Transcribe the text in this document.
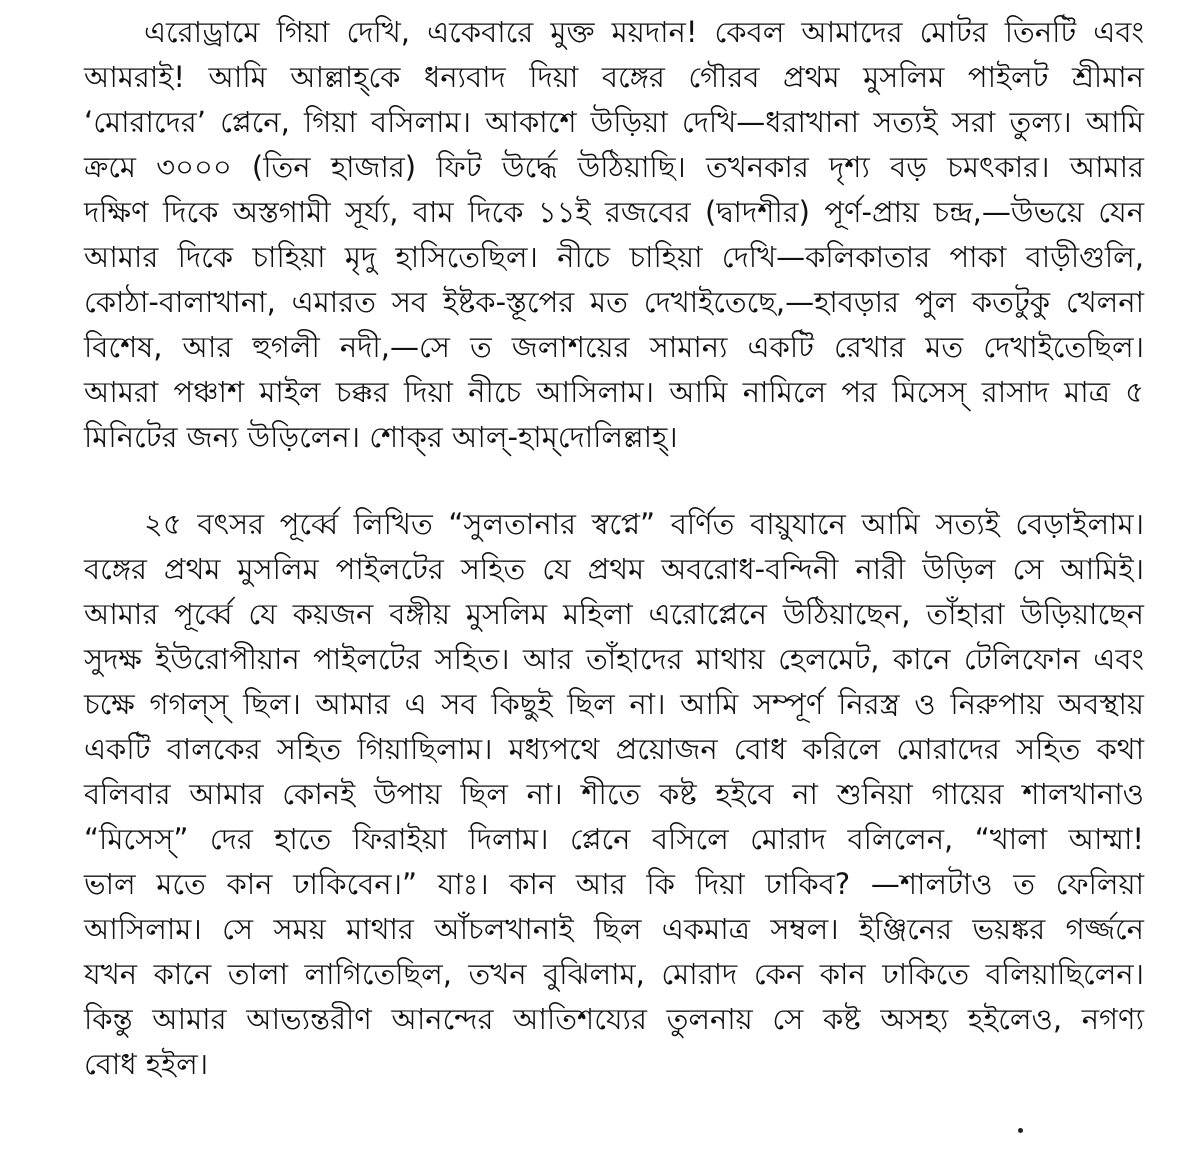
এরোড্রামে গিয়া দেখি, একেবারে মুক্ত ময়দান! কেবল আমাদের মোটর তিনটি এবং
আমরাই! আমি আল্লাহ্‌কে ধন্যবাদ দিয়া বঙ্গের গৌরব প্রথম মুসলিম পাইলট শ্রীমান
‘মোরাদের’ প্লেনে, গিয়া বসিলাম। আকাশে উড়িয়া দেখি—ধরাখানা সত্যই সরা তুল্য। আমি
ক্রমে ৩০০০ (তিন হাজার) ফিট উর্দ্ধে উঠিয়াছি। তখনকার দৃশ্য বড় চমৎকার। আমার
দক্ষিণ দিকে অস্তগামী সূর্য্য, বাম দিকে ১১ই রজবের (দ্বাদশীর) পূর্ণ-প্রায় চন্দ্র,—উভয়ে যেন
আমার দিকে চাহিয়া মৃদু হাসিতেছিল। নীচে চাহিয়া দেখি—কলিকাতার পাকা বাড়ীগুলি,
কোঠা-বালাখানা, এমারত সব ইষ্টক-স্তূপের মত দেখাইতেছে,—হাবড়ার পুল কতটুকু খেলনা
বিশেষ, আর হুগলী নদী,—সে ত জলাশয়ের সামান্য একটি রেখার মত দেখাইতেছিল।
আমরা পঞ্চাশ মাইল চক্কর দিয়া নীচে আসিলাম। আমি নামিলে পর মিসেস্ রাসাদ মাত্র ৫
মিনিটের জন্য উড়িলেন। শোক্‌র আল্-হাম্‌দোলিল্লাহ্‌।
২৫ বৎসর পূর্ব্বে লিখিত “সুলতানার স্বপ্নে” বর্ণিত বায়ুযানে আমি সত্যই বেড়াইলাম।
বঙ্গের প্রথম মুসলিম পাইলটের সহিত যে প্রথম অবরোধ-বন্দিনী নারী উড়িল সে আমিই।
আমার পূর্ব্বে যে কয়জন বঙ্গীয় মুসলিম মহিলা এরোপ্লেনে উঠিয়াছেন, তাঁহারা উড়িয়াছেন
সুদক্ষ ইউরোপীয়ান পাইলটের সহিত। আর তাঁহাদের মাথায় হেলমেট, কানে টেলিফোন এবং
চক্ষে গগল্‌স্ ছিল। আমার এ সব কিছুই ছিল না। আমি সম্পূর্ণ নিরস্ত্র ও নিরুপায় অবস্থায়
একটি বালকের সহিত গিয়াছিলাম। মধ্যপথে প্রয়োজন বোধ করিলে মোরাদের সহিত কথা
বলিবার আমার কোনই উপায় ছিল না। শীতে কষ্ট হইবে না শুনিয়া গায়ের শালখানাও
“মিসেস্” দের হাতে ফিরাইয়া দিলাম। প্লেনে বসিলে মোরাদ বলিলেন, “খালা আম্মা!
ভাল মতে কান ঢাকিবেন।” যাঃ। কান আর কি দিয়া ঢাকিব? —শালটাও ত ফেলিয়া
আসিলাম। সে সময় মাথার আঁচলখানাই ছিল একমাত্র সম্বল। ইঞ্জিনের ভয়ঙ্কর গর্জ্জনে
যখন কানে তালা লাগিতেছিল, তখন বুঝিলাম, মোরাদ কেন কান ঢাকিতে বলিয়াছিলেন।
কিন্তু আমার আভ্যন্তরীণ আনন্দের আতিশয্যের তুলনায় সে কষ্ট অসহ্য হইলেও, নগণ্য
বোধ হইল।
